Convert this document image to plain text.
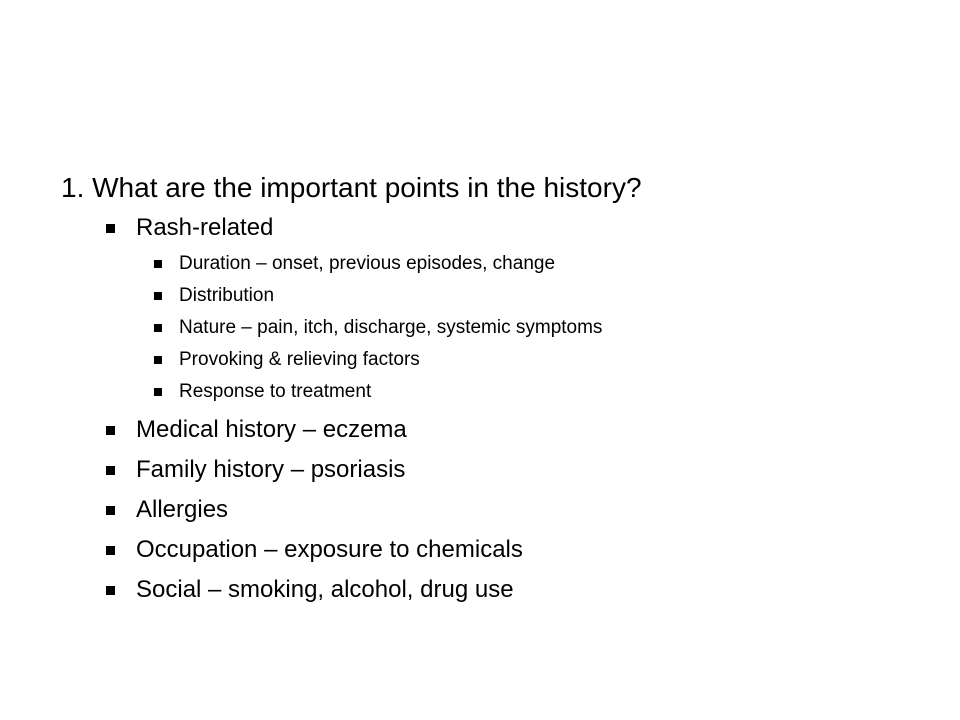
1. What are the important points in the history?
Rash-related
Duration – onset, previous episodes, change
Distribution
Nature – pain, itch, discharge, systemic symptoms
Provoking & relieving factors
Response to treatment
Medical history – eczema
Family history – psoriasis
Allergies
Occupation – exposure to chemicals
Social – smoking, alcohol, drug use
